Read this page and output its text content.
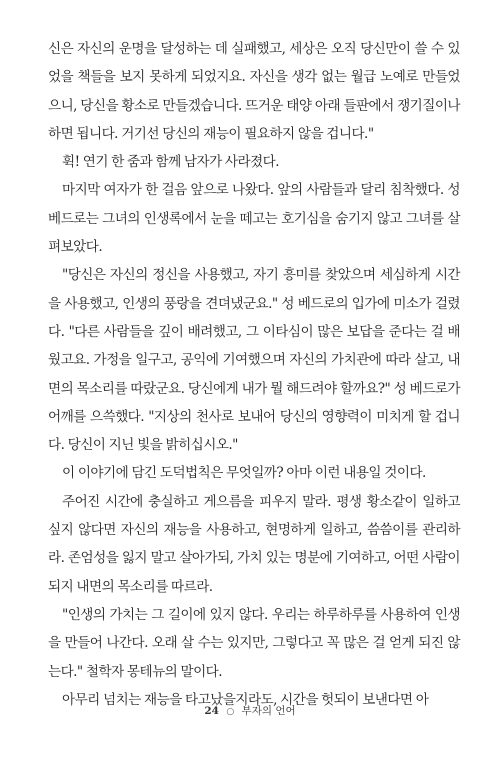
신은 자신의 운명을 달성하는 데 실패했고, 세상은 오직 당신만이 쓸 수 있었을 책들을 보지 못하게 되었지요. 자신을 생각 없는 월급 노예로 만들었으니, 당신을 황소로 만들겠습니다. 뜨거운 태양 아래 들판에서 쟁기질이나 하면 됩니다. 거기선 당신의 재능이 필요하지 않을 겁니다."

휙! 연기 한 줌과 함께 남자가 사라졌다.

마지막 여자가 한 걸음 앞으로 나왔다. 앞의 사람들과 달리 침착했다. 성 베드로는 그녀의 인생록에서 눈을 떼고는 호기심을 숨기지 않고 그녀를 살펴보았다.

"당신은 자신의 정신을 사용했고, 자기 흥미를 찾았으며 세심하게 시간을 사용했고, 인생의 풍랑을 견뎌냈군요." 성 베드로의 입가에 미소가 걸렸다. "다른 사람들을 깊이 배려했고, 그 이타심이 많은 보답을 준다는 걸 배웠고요. 가정을 일구고, 공익에 기여했으며 자신의 가치관에 따라 살고, 내면의 목소리를 따랐군요. 당신에게 내가 뭘 해드려야 할까요?" 성 베드로가 어깨를 으쓱했다. "지상의 천사로 보내어 당신의 영향력이 미치게 할 겁니다. 당신이 지닌 빛을 밝히십시오."

이 이야기에 담긴 도덕법칙은 무엇일까? 아마 이런 내용일 것이다.

주어진 시간에 충실하고 게으름을 피우지 말라. 평생 황소같이 일하고 싶지 않다면 자신의 재능을 사용하고, 현명하게 일하고, 씀씀이를 관리하라. 존엄성을 잃지 말고 살아가되, 가치 있는 명분에 기여하고, 어떤 사람이 되지 내면의 목소리를 따르라.

"인생의 가치는 그 길이에 있지 않다. 우리는 하루하루를 사용하여 인생을 만들어 나간다. 오래 살 수는 있지만, 그렇다고 꼭 많은 걸 얻게 되진 않는다." 철학자 몽테뉴의 말이다.

아무리 넘치는 재능을 타고났을지라도, 시간을 헛되이 보낸다면 아

24 ○ 부자의 언어
